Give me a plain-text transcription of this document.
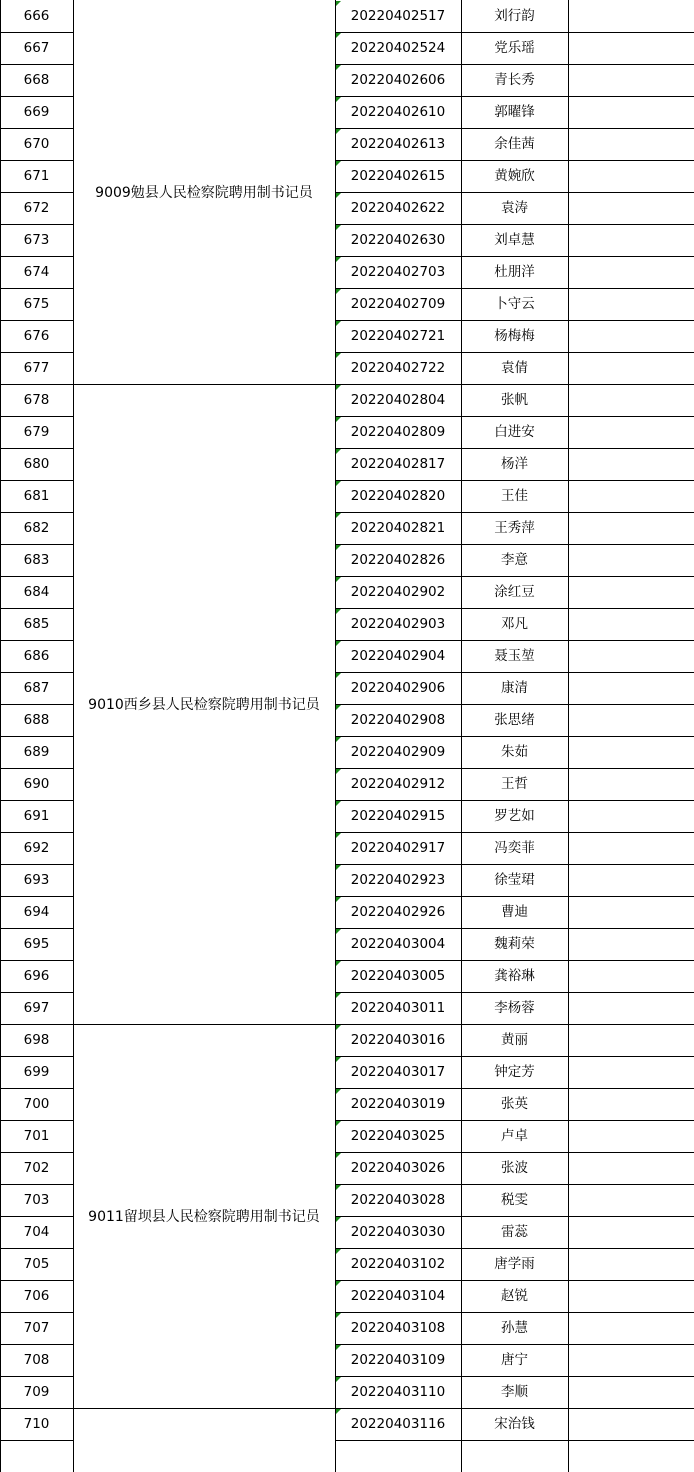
666	20220402517	刘行韵
667	20220402524	党乐瑶
668	20220402606	青长秀
669	20220402610	郭曜锋
670	20220402613	余佳茜
671	20220402615	黄婉欣
672	20220402622	袁涛
673	20220402630	刘卓慧
674	20220402703	杜朋洋
675	20220402709	卜守云
676	20220402721	杨梅梅
677	20220402722	袁倩
9009勉县人民检察院聘用制书记员
678	20220402804	张帆
679	20220402809	白进安
680	20220402817	杨洋
681	20220402820	王佳
682	20220402821	王秀萍
683	20220402826	李意
684	20220402902	涂红豆
685	20220402903	邓凡
686	20220402904	聂玉堃
687	20220402906	康清
688	20220402908	张思绪
689	20220402909	朱茹
690	20220402912	王哲
691	20220402915	罗艺如
692	20220402917	冯奕菲
693	20220402923	徐莹珺
694	20220402926	曹迪
695	20220403004	魏莉荣
696	20220403005	龚裕琳
697	20220403011	李杨蓉
9010西乡县人民检察院聘用制书记员
698	20220403016	黄丽
699	20220403017	钟定芳
700	20220403019	张英
701	20220403025	卢卓
702	20220403026	张波
703	20220403028	税雯
704	20220403030	雷蕊
705	20220403102	唐学雨
706	20220403104	赵锐
707	20220403108	孙慧
708	20220403109	唐宁
709	20220403110	李顺
9011留坝县人民检察院聘用制书记员
710	20220403116	宋治钱
